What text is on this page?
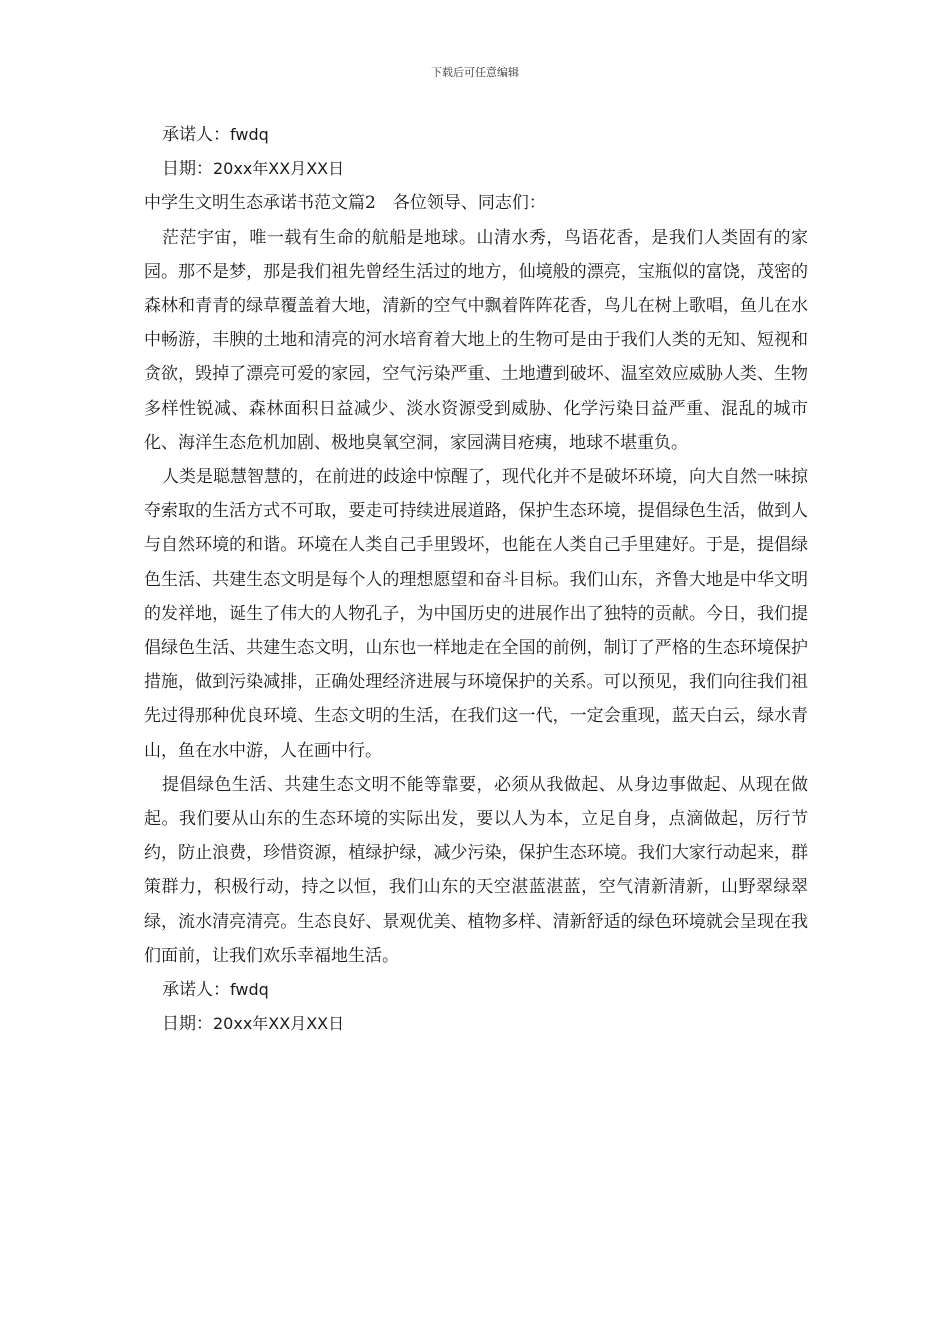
下载后可任意编辑

承诺人：fwdq

日期：20xx年XX月XX日

中学生文明生态承诺书范文篇2　各位领导、同志们：

茫茫宇宙，唯一载有生命的航船是地球。山清水秀，鸟语花香，是我们人类固有的家园。那不是梦，那是我们祖先曾经生活过的地方，仙境般的漂亮，宝瓶似的富饶，茂密的森林和青青的绿草覆盖着大地，清新的空气中飘着阵阵花香，鸟儿在树上歌唱，鱼儿在水中畅游，丰腴的土地和清亮的河水培育着大地上的生物可是由于我们人类的无知、短视和贪欲，毁掉了漂亮可爱的家园，空气污染严重、土地遭到破坏、温室效应威胁人类、生物多样性锐减、森林面积日益减少、淡水资源受到威胁、化学污染日益严重、混乱的城市化、海洋生态危机加剧、极地臭氧空洞，家园满目疮痍，地球不堪重负。

人类是聪慧智慧的，在前进的歧途中惊醒了，现代化并不是破坏环境，向大自然一味掠夺索取的生活方式不可取，要走可持续进展道路，保护生态环境，提倡绿色生活，做到人与自然环境的和谐。环境在人类自己手里毁坏，也能在人类自己手里建好。于是，提倡绿色生活、共建生态文明是每个人的理想愿望和奋斗目标。我们山东，齐鲁大地是中华文明的发祥地，诞生了伟大的人物孔子，为中国历史的进展作出了独特的贡献。今日，我们提倡绿色生活、共建生态文明，山东也一样地走在全国的前例，制订了严格的生态环境保护措施，做到污染减排，正确处理经济进展与环境保护的关系。可以预见，我们向往我们祖先过得那种优良环境、生态文明的生活，在我们这一代，一定会重现，蓝天白云，绿水青山，鱼在水中游，人在画中行。

提倡绿色生活、共建生态文明不能等靠要，必须从我做起、从身边事做起、从现在做起。我们要从山东的生态环境的实际出发，要以人为本，立足自身，点滴做起，厉行节约，防止浪费，珍惜资源，植绿护绿，减少污染，保护生态环境。我们大家行动起来，群策群力，积极行动，持之以恒，我们山东的天空湛蓝湛蓝，空气清新清新，山野翠绿翠绿，流水清亮清亮。生态良好、景观优美、植物多样、清新舒适的绿色环境就会呈现在我们面前，让我们欢乐幸福地生活。

承诺人：fwdq

日期：20xx年XX月XX日
